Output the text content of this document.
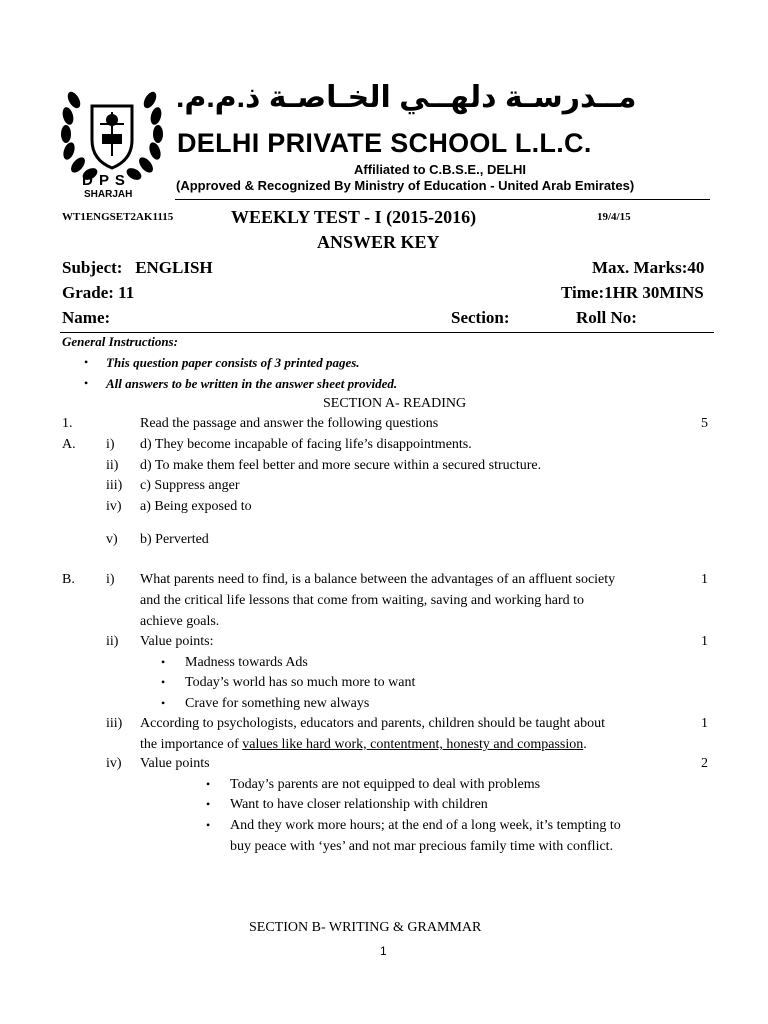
D P S
SHARJAH
مــدرسـة دلهــي الخـاصـة ذ.م.م.
DELHI PRIVATE SCHOOL L.L.C.
Affiliated to C.B.S.E., DELHI
(Approved & Recognized By Ministry of Education - United Arab Emirates)
WT1ENGSET2AK1115	WEEKLY TEST - I (2015-2016)	19/4/15
ANSWER KEY
Subject:   ENGLISH	Max. Marks:40
Grade: 11	Time:1HR 30MINS
Name:	Section:	Roll No:
General Instructions:
• This question paper consists of 3 printed pages.
• All answers to be written in the answer sheet provided.
SECTION A- READING
1.	Read the passage and answer the following questions	5
A. i) d) They become incapable of facing life’s disappointments.
ii) d) To make them feel better and more secure within a secured structure.
iii) c) Suppress anger
iv) a) Being exposed to
v) b) Perverted
B. i) What parents need to find, is a balance between the advantages of an affluent society	1
and the critical life lessons that come from waiting, saving and working hard to
achieve goals.
ii) Value points:	1
• Madness towards Ads
• Today’s world has so much more to want
• Crave for something new always
iii) According to psychologists, educators and parents, children should be taught about	1
the importance of values like hard work, contentment, honesty and compassion.
iv) Value points	2
• Today’s parents are not equipped to deal with problems
• Want to have closer relationship with children
• And they work more hours; at the end of a long week, it’s tempting to
buy peace with ‘yes’ and not mar precious family time with conflict.
SECTION B- WRITING & GRAMMAR
1
